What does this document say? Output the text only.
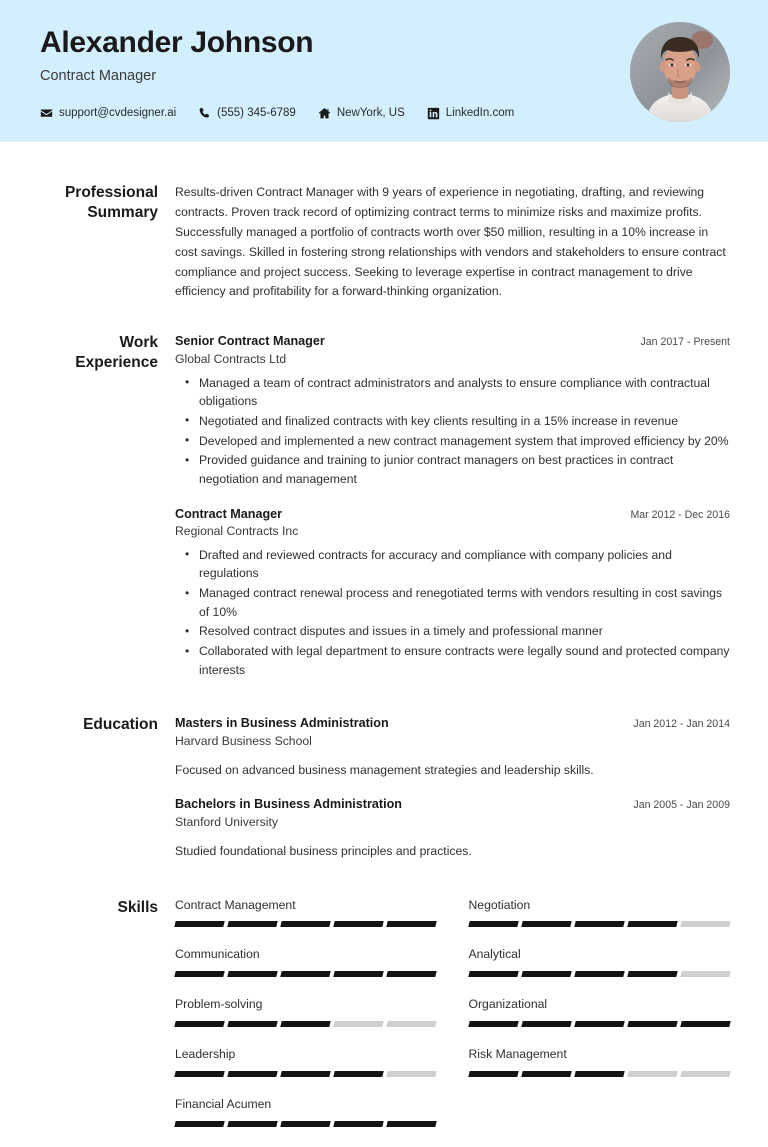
Alexander Johnson
Contract Manager
support@cvdesigner.ai	(555) 345-6789	NewYork, US	LinkedIn.com
Professional Summary
Results-driven Contract Manager with 9 years of experience in negotiating, drafting, and reviewing contracts. Proven track record of optimizing contract terms to minimize risks and maximize profits. Successfully managed a portfolio of contracts worth over $50 million, resulting in a 10% increase in cost savings. Skilled in fostering strong relationships with vendors and stakeholders to ensure contract compliance and project success. Seeking to leverage expertise in contract management to drive efficiency and profitability for a forward-thinking organization.
Work Experience
Senior Contract Manager	Jan 2017 - Present
Global Contracts Ltd
• Managed a team of contract administrators and analysts to ensure compliance with contractual obligations
• Negotiated and finalized contracts with key clients resulting in a 15% increase in revenue
• Developed and implemented a new contract management system that improved efficiency by 20%
• Provided guidance and training to junior contract managers on best practices in contract negotiation and management
Contract Manager	Mar 2012 - Dec 2016
Regional Contracts Inc
• Drafted and reviewed contracts for accuracy and compliance with company policies and regulations
• Managed contract renewal process and renegotiated terms with vendors resulting in cost savings of 10%
• Resolved contract disputes and issues in a timely and professional manner
• Collaborated with legal department to ensure contracts were legally sound and protected company interests
Education	Masters in Business Administration	Jan 2012 - Jan 2014
Harvard Business School
Focused on advanced business management strategies and leadership skills.
Bachelors in Business Administration	Jan 2005 - Jan 2009
Stanford University
Studied foundational business principles and practices.
Skills	Contract Management	Negotiation
Communication	Analytical
Problem-solving	Organizational
Leadership	Risk Management
Financial Acumen
